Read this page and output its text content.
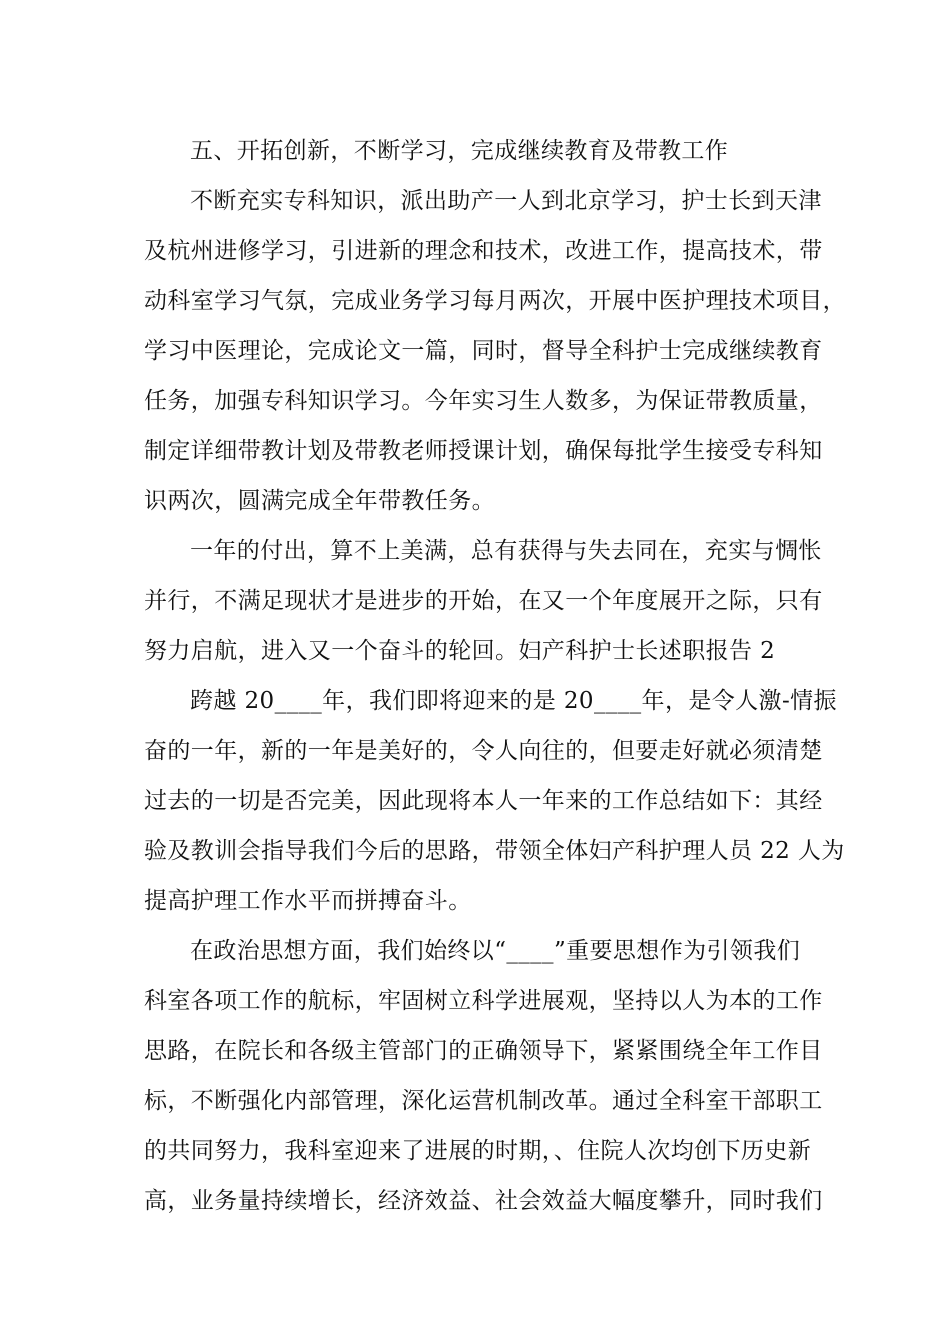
五、开拓创新，不断学习，完成继续教育及带教工作

不断充实专科知识，派出助产一人到北京学习，护士长到天津

及杭州进修学习，引进新的理念和技术，改进工作，提高技术，带

动科室学习气氛，完成业务学习每月两次，开展中医护理技术项目，

学习中医理论，完成论文一篇，同时，督导全科护士完成继续教育

任务，加强专科知识学习。今年实习生人数多，为保证带教质量，

制定详细带教计划及带教老师授课计划，确保每批学生接受专科知

识两次，圆满完成全年带教任务。

一年的付出，算不上美满，总有获得与失去同在，充实与惆怅

并行，不满足现状才是进步的开始，在又一个年度展开之际，只有

努力启航，进入又一个奋斗的轮回。妇产科护士长述职报告 2

跨越 20____年，我们即将迎来的是 20____年，是令人激-情振

奋的一年，新的一年是美好的，令人向往的，但要走好就必须清楚

过去的一切是否完美，因此现将本人一年来的工作总结如下：其经

验及教训会指导我们今后的思路，带领全体妇产科护理人员 22 人为

提高护理工作水平而拼搏奋斗。

在政治思想方面，我们始终以“____”重要思想作为引领我们

科室各项工作的航标，牢固树立科学进展观，坚持以人为本的工作

思路，在院长和各级主管部门的正确领导下，紧紧围绕全年工作目

标，不断强化内部管理，深化运营机制改革。通过全科室干部职工

的共同努力，我科室迎来了进展的时期，、住院人次均创下历史新

高，业务量持续增长，经济效益、社会效益大幅度攀升，同时我们
